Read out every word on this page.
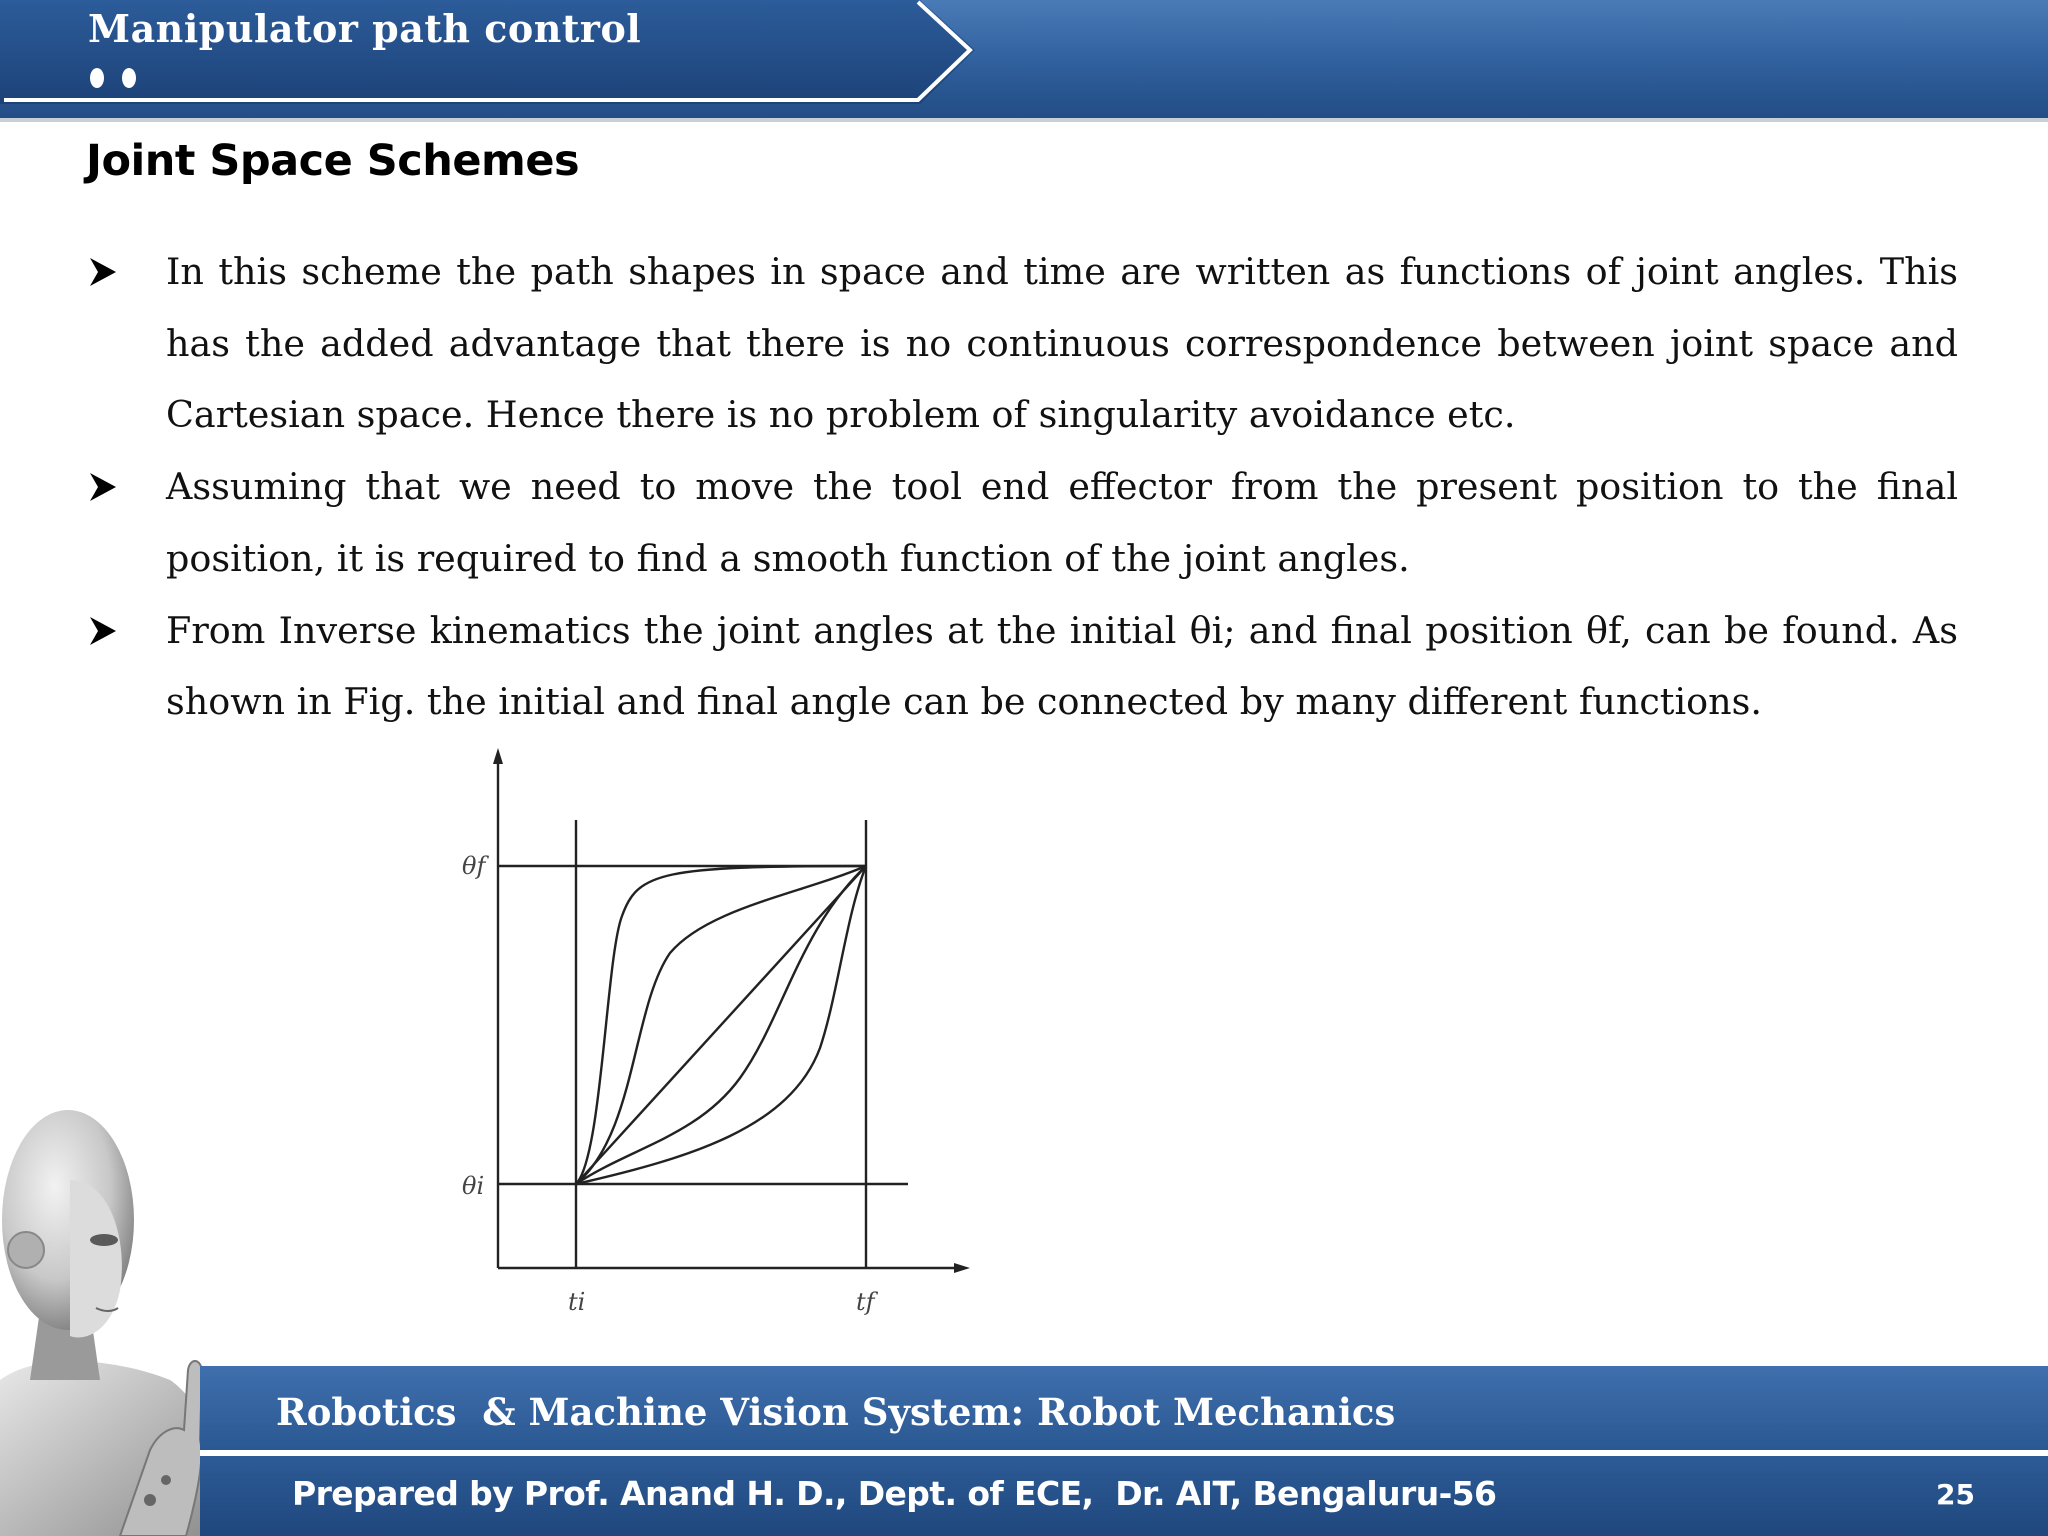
Manipulator path control
Joint Space Schemes
In this scheme the path shapes in space and time are written as functions of joint angles. This has the added advantage that there is no continuous correspondence between joint space and Cartesian space. Hence there is no problem of singularity avoidance etc.
Assuming that we need to move the tool end effector from the present position to the final position, it is required to find a smooth function of the joint angles.
From Inverse kinematics the joint angles at the initial θi; and final position θf, can be found. As shown in Fig. the initial and final angle can be connected by many different functions.
θf
θi
ti	tf
Robotics  & Machine Vision System: Robot Mechanics
Prepared by Prof. Anand H. D., Dept. of ECE,  Dr. AIT, Bengaluru-56	25
